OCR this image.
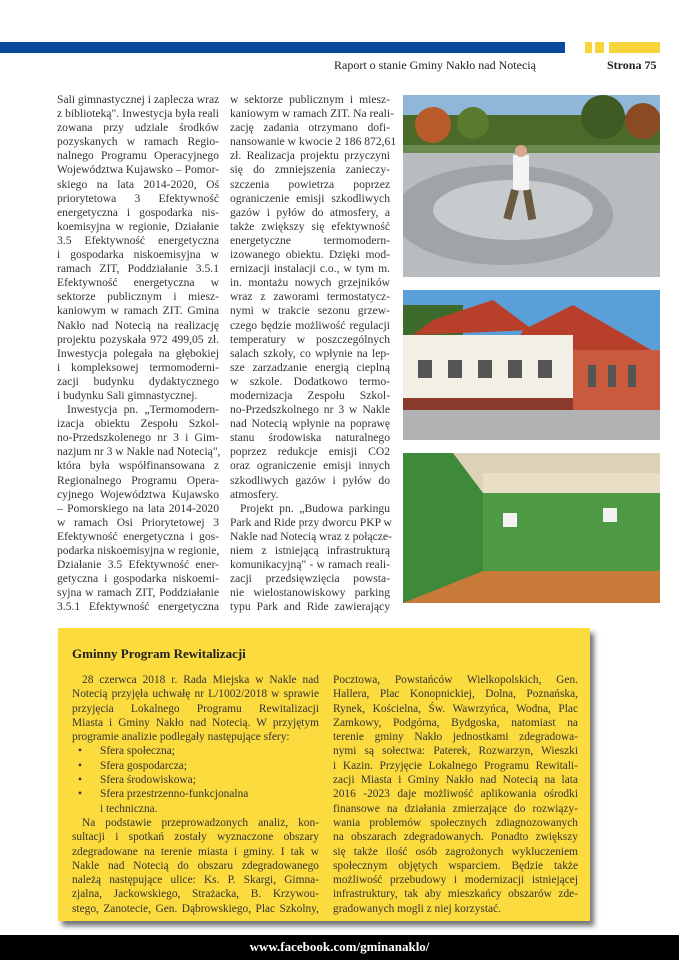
Raport o stanie Gminy Nakło nad Notecią	Strona 75
Sali gimnastycznej i zaplecza wraz
z biblioteką". Inwestycja była reali
zowana przy udziale środków
pozyskanych w ramach Regio-
nalnego Programu Operacyjnego
Województwa Kujawsko – Pomor-
skiego na lata 2014-2020, Oś
priorytetowa 3 Efektywność
energetyczna i gospodarka nis-
koemisyjna w regionie, Działanie
3.5 Efektywność energetyczna
i gospodarka niskoemisyjna w
ramach ZIT, Poddziałanie 3.5.1
Efektywność energetyczna w
sektorze publicznym i miesz-
kaniowym w ramach ZIT. Gmina
Nakło nad Notecią na realizację
projektu pozyskała 972 499,05 zł.
Inwestycja polegała na głębokiej
i kompleksowej termomoderni-
zacji budynku dydaktycznego
i budynku Sali gimnastycznej.
Inwestycja pn. „Termomodern-
izacja obiektu Zespołu Szkol-
no-Przedszkolenego nr 3 i Gim-
nazjum nr 3 w Nakle nad Notecią",
która była współfinansowana z
Regionalnego Programu Opera-
cyjnego Województwa Kujawsko
– Pomorskiego na lata 2014-2020
w ramach Osi Priorytetowej 3
Efektywność energetyczna i gos-
podarka niskoemisyjna w regionie,
Działanie 3.5 Efektywność ener-
getyczna i gospodarka niskoemi-
syjna w ramach ZIT, Poddziałanie
3.5.1 Efektywność energetyczna
w sektorze publicznym i miesz-
kaniowym w ramach ZIT. Na reali-
zację zadania otrzymano dofi-
nansowanie w kwocie 2 186 872,61
zł. Realizacja projektu przyczyni
się do zmniejszenia zanieczy-
szczenia powietrza poprzez
ograniczenie emisji szkodliwych
gazów i pyłów do atmosfery, a
także zwiększy się efektywność
energetyczne termomodern-
izowanego obiektu. Dzięki mod-
ernizacji instalacji c.o., w tym m.
in. montażu nowych grzejników
wraz z zaworami termostatycz-
nymi w trakcie sezonu grzew-
czego będzie możliwość regulacji
temperatury w poszczególnych
salach szkoły, co wpłynie na lep-
sze zarzadzanie energią cieplną
w szkole. Dodatkowo termo-
modernizacja Zespołu Szkol-
no-Przedszkolnego nr 3 w Nakle
nad Notecią wpłynie na poprawę
stanu środowiska naturalnego
poprzez redukcje emisji CO2
oraz ograniczenie emisji innych
szkodliwych gazów i pyłów do
atmosfery.
Projekt pn. „Budowa parkingu
Park and Ride przy dworcu PKP w
Nakle nad Notecią wraz z połącze-
niem z istniejącą infrastrukturą
komunikacyjną" - w ramach reali-
zacji przedsięwzięcia powsta-
nie wielostanowiskowy parking
typu Park and Ride zawierający
Gminny Program Rewitalizacji
28 czerwca 2018 r. Rada Miejska w Nakle nad
Notecią przyjęła uchwałę nr L/1002/2018 w sprawie
przyjęcia Lokalnego Programu Rewitalizacji
Miasta i Gminy Nakło nad Notecią. W przyjętym
programie analizie podlegały następujące sfery:
• Sfera społeczna;
• Sfera gospodarcza;
• Sfera środowiskowa;
• Sfera przestrzenno-funkcjonalna
i techniczna.
Na podstawie przeprowadzonych analiz, kon-
sultacji i spotkań zostały wyznaczone obszary
zdegradowane na terenie miasta i gminy. I tak w
Nakle nad Notecią do obszaru zdegradowanego
należą następujące ulice: Ks. P. Skargi, Gimna-
zjalna, Jackowskiego, Strażacka, B. Krzywou-
stego, Zanotecie, Gen. Dąbrowskiego, Plac Szkolny,
Pocztowa, Powstańców Wielkopolskich, Gen.
Hallera, Plac Konopnickiej, Dolna, Poznańska,
Rynek, Kościelna, Św. Wawrzyńca, Wodna, Plac
Zamkowy, Podgórna, Bydgoska, natomiast na
terenie gminy Nakło jednostkami zdegradowa-
nymi są sołectwa: Paterek, Rozwarzyn, Wieszki
i Kazin. Przyjęcie Lokalnego Programu Rewitali-
zacji Miasta i Gminy Nakło nad Notecią na lata
2016 -2023 daje możliwość aplikowania ośrodki
finansowe na działania zmierzające do rozwiązy-
wania problemów społecznych zdiagnozowanych
na obszarach zdegradowanych. Ponadto zwiększy
się także ilość osób zagrożonych wykluczeniem
społecznym objętych wsparciem. Będzie także
możliwość przebudowy i modernizacji istniejącej
infrastruktury, tak aby mieszkańcy obszarów zde-
gradowanych mogli z niej korzystać.
www.facebook.com/gminanaklo/
